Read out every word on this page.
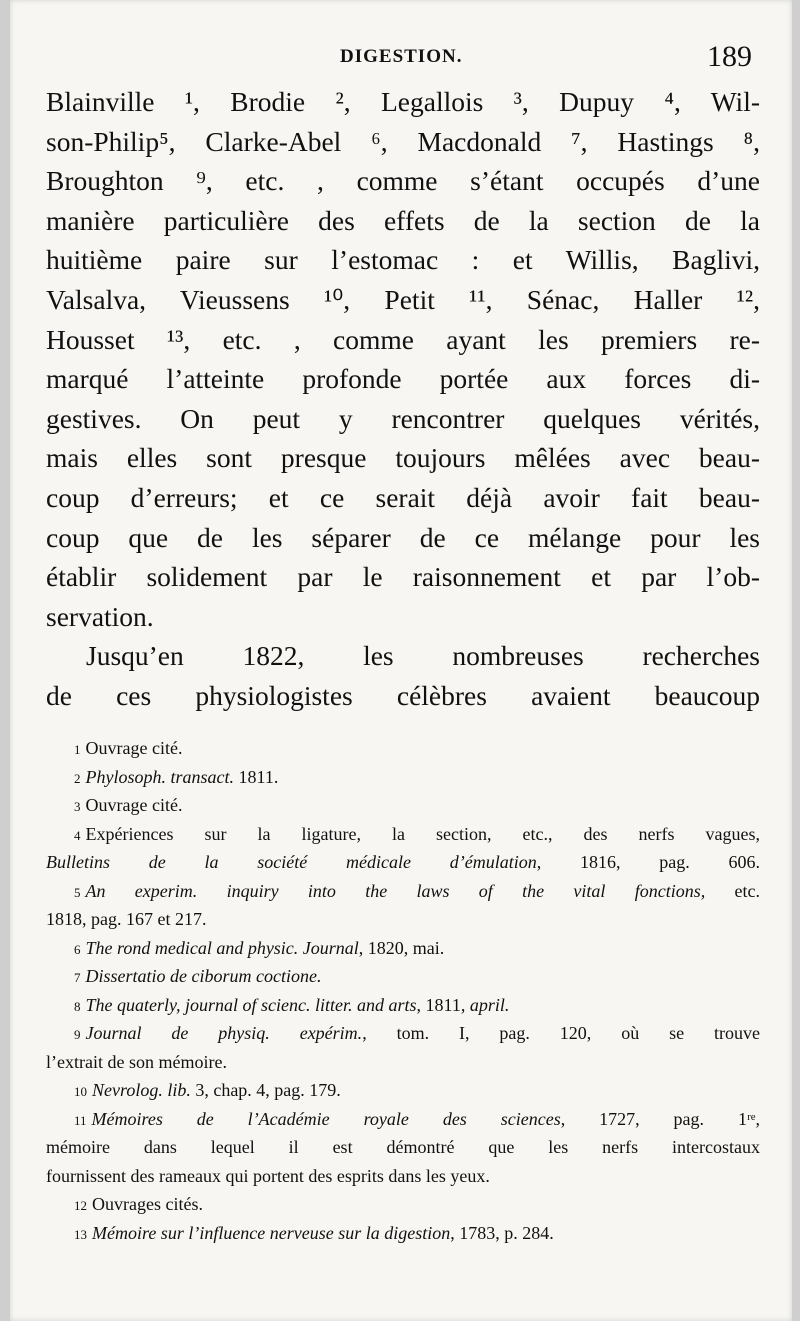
DIGESTION.	189
Blainville ¹, Brodie ², Legallois ³, Dupuy ⁴, Wil-
son-Philip⁵, Clarke-Abel ⁶, Macdonald ⁷, Hastings ⁸,
Broughton ⁹, etc. , comme s’étant occupés d’une
manière particulière des effets de la section de la
huitième paire sur l’estomac : et Willis, Baglivi,
Valsalva, Vieussens ¹⁰, Petit ¹¹, Sénac, Haller ¹²,
Housset ¹³, etc. , comme ayant les premiers re-
marqué l’atteinte profonde portée aux forces di-
gestives. On peut y rencontrer quelques vérités,
mais elles sont presque toujours mêlées avec beau-
coup d’erreurs; et ce serait déjà avoir fait beau-
coup que de les séparer de ce mélange pour les
établir solidement par le raisonnement et par l’ob-
servation.
Jusqu’en 1822, les nombreuses recherches
de ces physiologistes célèbres avaient beaucoup
1 Ouvrage cité.
2 Phylosoph. transact. 1811.
3 Ouvrage cité.
4 Expériences sur la ligature, la section, etc., des nerfs vagues,
Bulletins de la société médicale d’émulation, 1816, pag. 606.
5 An experim. inquiry into the laws of the vital fonctions, etc.
1818, pag. 167 et 217.
6 The rond medical and physic. Journal, 1820, mai.
7 Dissertatio de ciborum coctione.
8 The quaterly, journal of scienc. litter. and arts, 1811, april.
9 Journal de physiq. expérim., tom. I, pag. 120, où se trouve
l’extrait de son mémoire.
10 Nevrolog. lib. 3, chap. 4, pag. 179.
11 Mémoires de l’Académie royale des sciences, 1727, pag. 1ʳᵉ,
mémoire dans lequel il est démontré que les nerfs intercostaux
fournissent des rameaux qui portent des esprits dans les yeux.
12 Ouvrages cités.
13 Mémoire sur l’influence nerveuse sur la digestion, 1783, p. 284.
